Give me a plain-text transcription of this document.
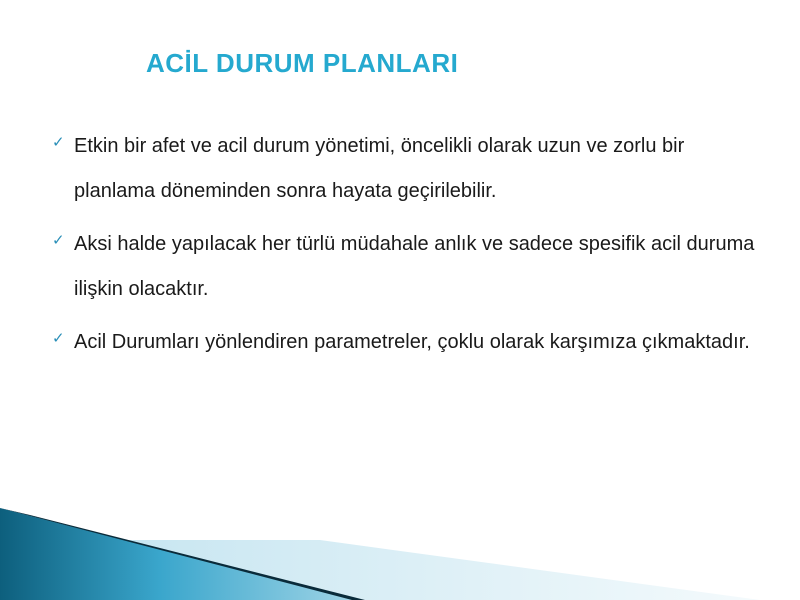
ACİL DURUM PLANLARI
✓ Etkin bir afet ve acil durum yönetimi, öncelikli olarak uzun ve zorlu bir planlama döneminden sonra hayata geçirilebilir.
✓ Aksi halde yapılacak her türlü müdahale anlık ve sadece spesifik acil duruma ilişkin olacaktır.
✓ Acil Durumları yönlendiren parametreler, çoklu olarak karşımıza çıkmaktadır.
